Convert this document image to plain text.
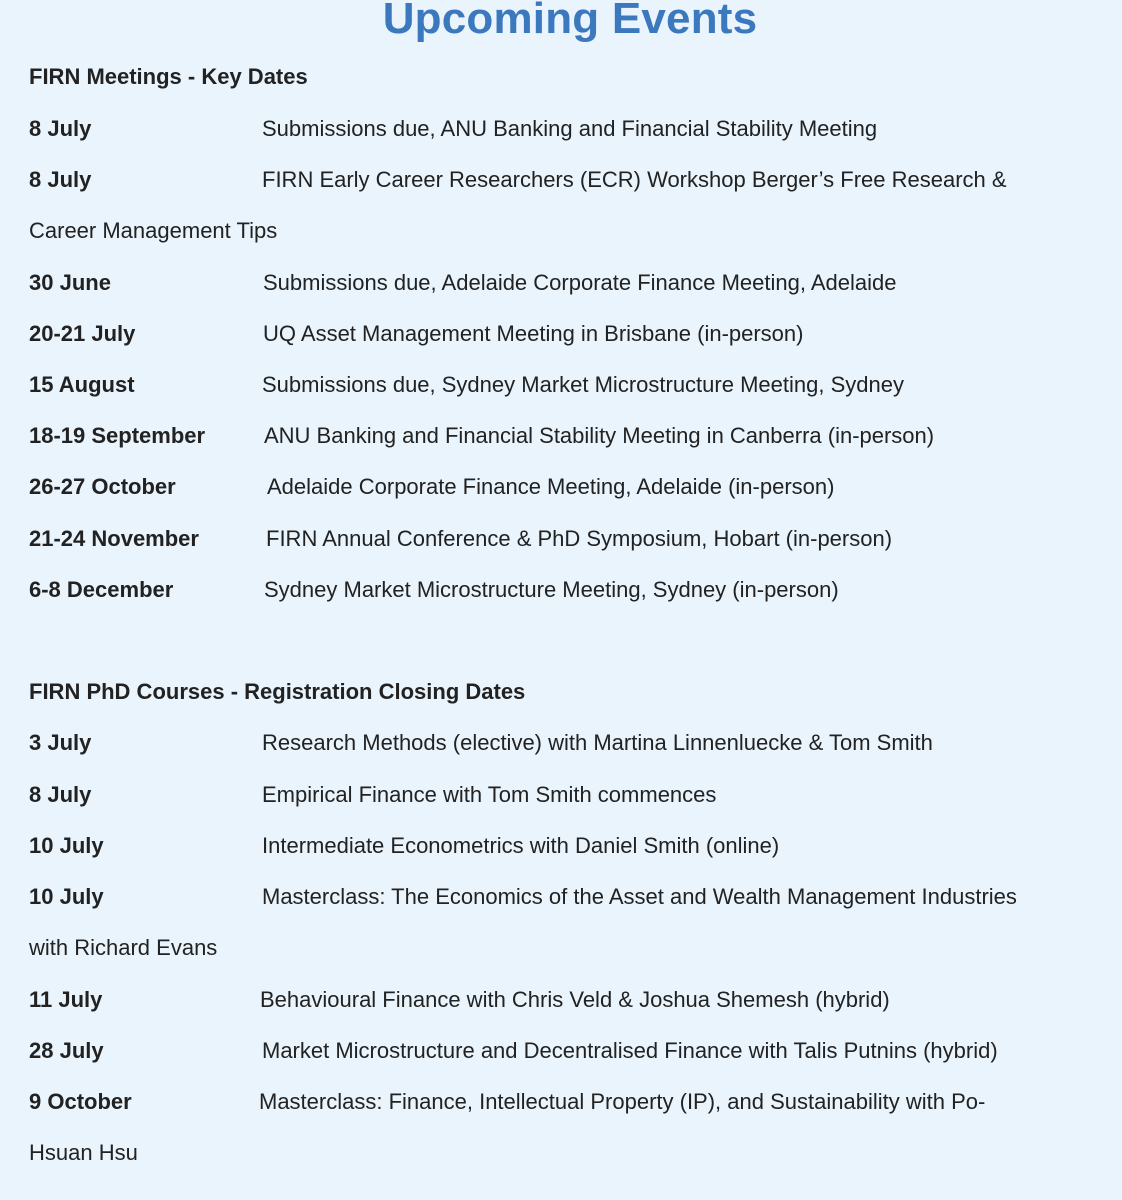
Upcoming Events
FIRN Meetings - Key Dates
8 July	Submissions due, ANU Banking and Financial Stability Meeting
8 July	FIRN Early Career Researchers (ECR) Workshop Berger’s Free Research &
Career Management Tips
30 June	Submissions due, Adelaide Corporate Finance Meeting, Adelaide
20-21 July	UQ Asset Management Meeting in Brisbane (in-person)
15 August	Submissions due, Sydney Market Microstructure Meeting, Sydney
18-19 September	ANU Banking and Financial Stability Meeting in Canberra (in-person)
26-27 October	Adelaide Corporate Finance Meeting, Adelaide (in-person)
21-24 November	FIRN Annual Conference & PhD Symposium, Hobart (in-person)
6-8 December	Sydney Market Microstructure Meeting, Sydney (in-person)
FIRN PhD Courses - Registration Closing Dates
3 July	Research Methods (elective) with Martina Linnenluecke & Tom Smith
8 July	Empirical Finance with Tom Smith commences
10 July	Intermediate Econometrics with Daniel Smith (online)
10 July	Masterclass: The Economics of the Asset and Wealth Management Industries
with Richard Evans
11 July	Behavioural Finance with Chris Veld & Joshua Shemesh (hybrid)
28 July	Market Microstructure and Decentralised Finance with Talis Putnins (hybrid)
9 October	Masterclass: Finance, Intellectual Property (IP), and Sustainability with Po-
Hsuan Hsu
